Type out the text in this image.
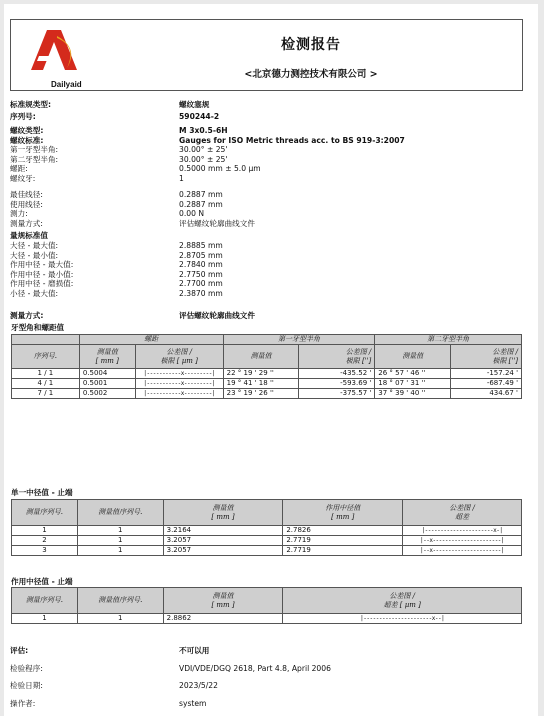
Dailyaid
检测报告
<北京德力测控技术有限公司 >
标准规类型:	螺纹塞规
序列号:	590244-2
螺纹类型:	M 3x0.5-6H
螺纹标准:	Gauges for ISO Metric threads acc. to BS 919-3:2007
第一牙型半角:	30.00° ± 25'
第二牙型半角:	30.00° ± 25'
螺距:	0.5000 mm ± 5.0 µm
螺纹牙:	1
最佳线径:	0.2887 mm
使用线径:	0.2887 mm
测力:	0.00 N
测量方式:	评估螺纹轮廓曲线文件
量规标准值
大径 - 最大值:	2.8885 mm
大径 - 最小值:	2.8705 mm
作用中径 - 最大值:	2.7840 mm
作用中径 - 最小值:	2.7750 mm
作用中径 - 磨损值:	2.7700 mm
小径 - 最大值:	2.3870 mm
测量方式:	评估螺纹轮廓曲线文件
牙型角和螺距值
	螺距		第一牙型半角		第二牙型半角	
序列号.	测量值
[ mm ]	公差图 /
极限 [ µm ]	测量值	公差图 /
极限 ['']	测量值	公差图 /
极限 ['']
1 / 1	0.5004	|-----------x---------|	22 ° 19 ' 29 ''	-435.52 '	26 ° 57 ' 46 ''	-157.24 '
4 / 1	0.5001	|-----------x---------|	19 ° 41 ' 18 ''	-593.69 '	18 ° 07 ' 31 ''	-687.49 '
7 / 1	0.5002	|-----------x---------|	23 ° 19 ' 26 ''	-375.57 '	37 ° 39 ' 40 ''	434.67 '
单一中径值 - 止端
测量序列号.	测量值序列号.	测量值
[ mm ]	作用中径值
[ mm ]	公差图 /
超差
1	1	3.2164	2.7826	|----------------------x-|
2	1	3.2057	2.7719	|--x----------------------|
3	1	3.2057	2.7719	|--x----------------------|
作用中径值 - 止端
测量序列号.	测量值序列号.	测量值
[ mm ]	公差图 /
超差 [ µm ]
1	1	2.8862	|----------------------x--|
评估:	不可以用
检验程序:	VDI/VDE/DGQ 2618, Part 4.8, April 2006
检验日期:	2023/5/22
操作者:	system
